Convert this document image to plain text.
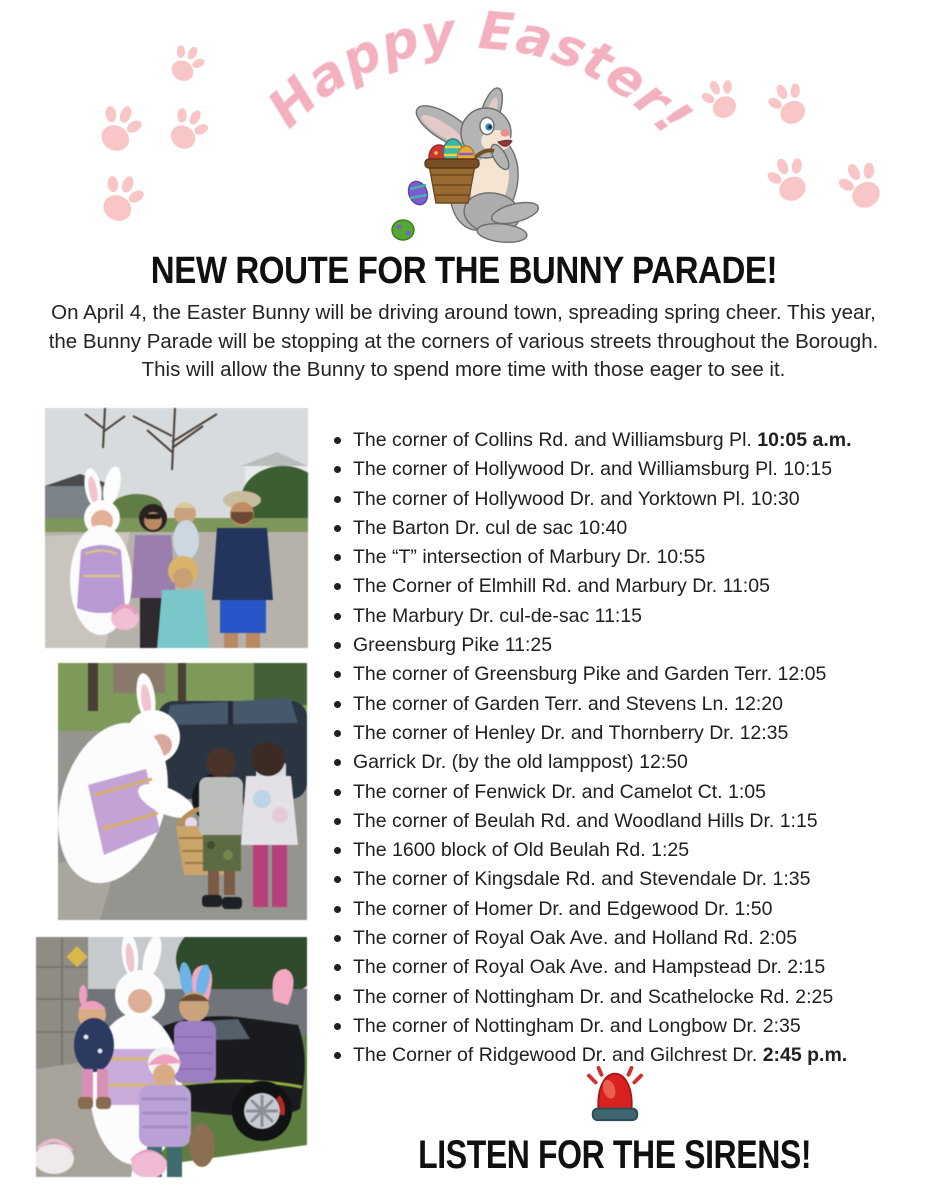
Happy Easter!
NEW ROUTE FOR THE BUNNY PARADE!

On April 4, the Easter Bunny will be driving around town, spreading spring cheer. This year, the Bunny Parade will be stopping at the corners of various streets throughout the Borough. This will allow the Bunny to spend more time with those eager to see it.

The corner of Collins Rd. and Williamsburg Pl. 10:05 a.m.
The corner of Hollywood Dr. and Williamsburg Pl. 10:15
The corner of Hollywood Dr. and Yorktown Pl. 10:30
The Barton Dr. cul de sac 10:40
The “T” intersection of Marbury Dr. 10:55
The Corner of Elmhill Rd. and Marbury Dr. 11:05
The Marbury Dr. cul-de-sac 11:15
Greensburg Pike 11:25
The corner of Greensburg Pike and Garden Terr. 12:05
The corner of Garden Terr. and Stevens Ln. 12:20
The corner of Henley Dr. and Thornberry Dr. 12:35
Garrick Dr. (by the old lamppost) 12:50
The corner of Fenwick Dr. and Camelot Ct. 1:05
The corner of Beulah Rd. and Woodland Hills Dr. 1:15
The 1600 block of Old Beulah Rd. 1:25
The corner of Kingsdale Rd. and Stevendale Dr. 1:35
The corner of Homer Dr. and Edgewood Dr. 1:50
The corner of Royal Oak Ave. and Holland Rd. 2:05
The corner of Royal Oak Ave. and Hampstead Dr. 2:15
The corner of Nottingham Dr. and Scathelocke Rd. 2:25
The corner of Nottingham Dr. and Longbow Dr. 2:35
The Corner of Ridgewood Dr. and Gilchrest Dr. 2:45 p.m.
LISTEN FOR THE SIRENS!
